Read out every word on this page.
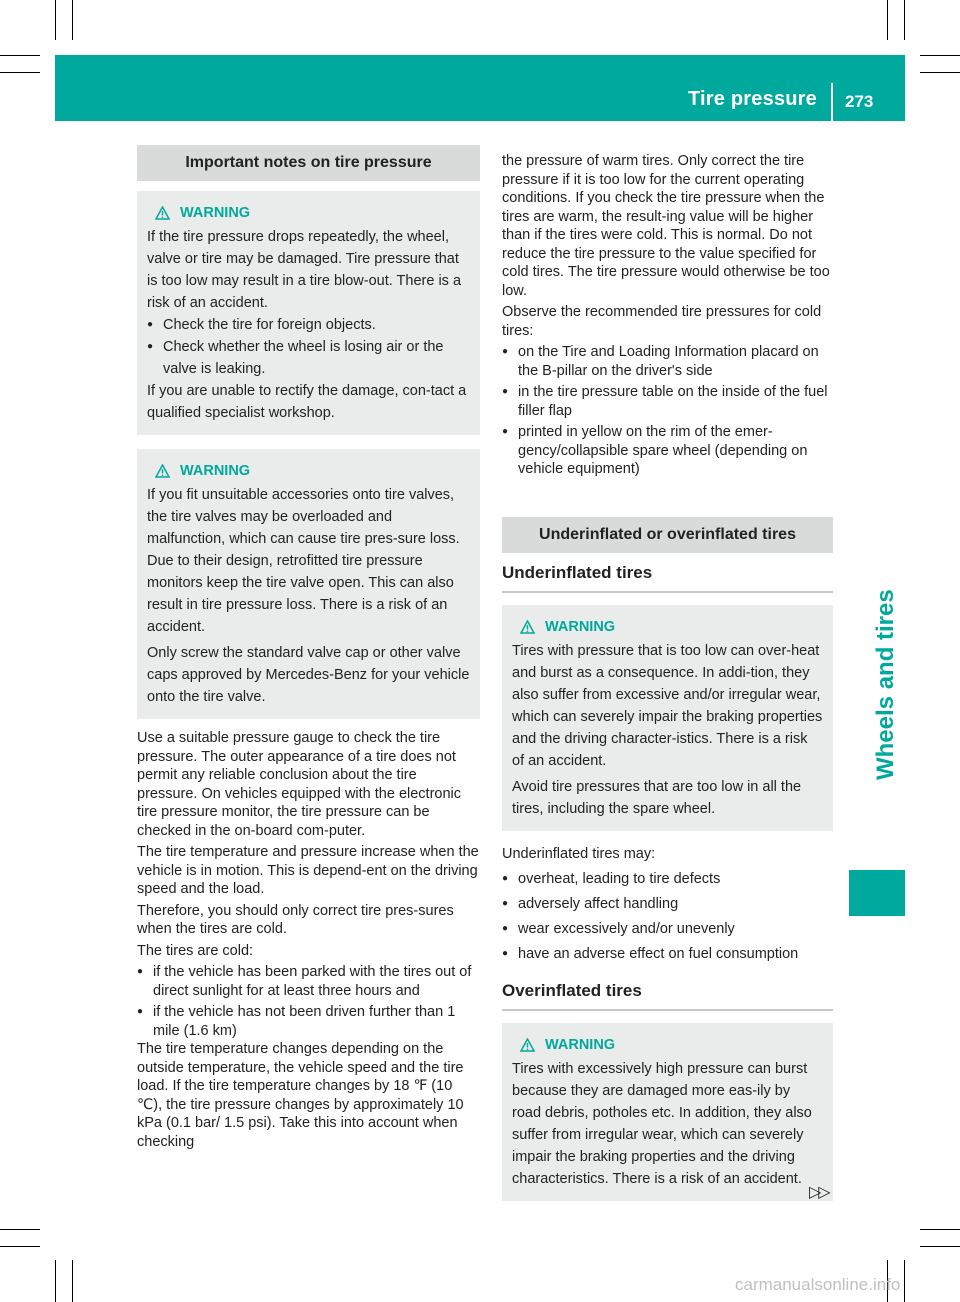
Tire pressure 273
Wheels and tires
Important notes on tire pressure
WARNING

If the tire pressure drops repeatedly, the wheel, valve or tire may be damaged. Tire pressure that is too low may result in a tire blow-out. There is a risk of an accident.

● Check the tire for foreign objects.
● Check whether the wheel is losing air or the valve is leaking.

If you are unable to rectify the damage, con-tact a qualified specialist workshop.

WARNING

If you fit unsuitable accessories onto tire valves, the tire valves may be overloaded and malfunction, which can cause tire pres-sure loss. Due to their design, retrofitted tire pressure monitors keep the tire valve open. This can also result in tire pressure loss. There is a risk of an accident.

Only screw the standard valve cap or other valve caps approved by Mercedes-Benz for your vehicle onto the tire valve.

Use a suitable pressure gauge to check the tire pressure. The outer appearance of a tire does not permit any reliable conclusion about the tire pressure. On vehicles equipped with the electronic tire pressure monitor, the tire pressure can be checked in the on-board com-puter.

The tire temperature and pressure increase when the vehicle is in motion. This is depend-ent on the driving speed and the load.

Therefore, you should only correct tire pres-sures when the tires are cold.

The tires are cold:

● if the vehicle has been parked with the tires out of direct sunlight for at least three hours and
● if the vehicle has not been driven further than 1 mile (1.6 km)

The tire temperature changes depending on the outside temperature, the vehicle speed and the tire load. If the tire temperature changes by 18 ℉ (10 ℃), the tire pressure changes by approximately 10 kPa (0.1 bar/ 1.5 psi). Take this into account when checking

the pressure of warm tires. Only correct the tire pressure if it is too low for the current operating conditions. If you check the tire pressure when the tires are warm, the result-ing value will be higher than if the tires were cold. This is normal. Do not reduce the tire pressure to the value specified for cold tires. The tire pressure would otherwise be too low.

Observe the recommended tire pressures for cold tires:

● on the Tire and Loading Information placard on the B-pillar on the driver's side
● in the tire pressure table on the inside of the fuel filler flap
● printed in yellow on the rim of the emer-gency/collapsible spare wheel (depending on vehicle equipment)
Underinflated or overinflated tires
Underinflated tires
WARNING

Tires with pressure that is too low can over-heat and burst as a consequence. In addi-tion, they also suffer from excessive and/or irregular wear, which can severely impair the braking properties and the driving character-istics. There is a risk of an accident.

Avoid tire pressures that are too low in all the tires, including the spare wheel.

Underinflated tires may:

● overheat, leading to tire defects
● adversely affect handling
● wear excessively and/or unevenly
● have an adverse effect on fuel consumption
Overinflated tires
WARNING

Tires with excessively high pressure can burst because they are damaged more eas-ily by road debris, potholes etc. In addition, they also suffer from irregular wear, which can severely impair the braking properties and the driving characteristics. There is a risk of an accident.

▷▷
carmanualsonline.info
